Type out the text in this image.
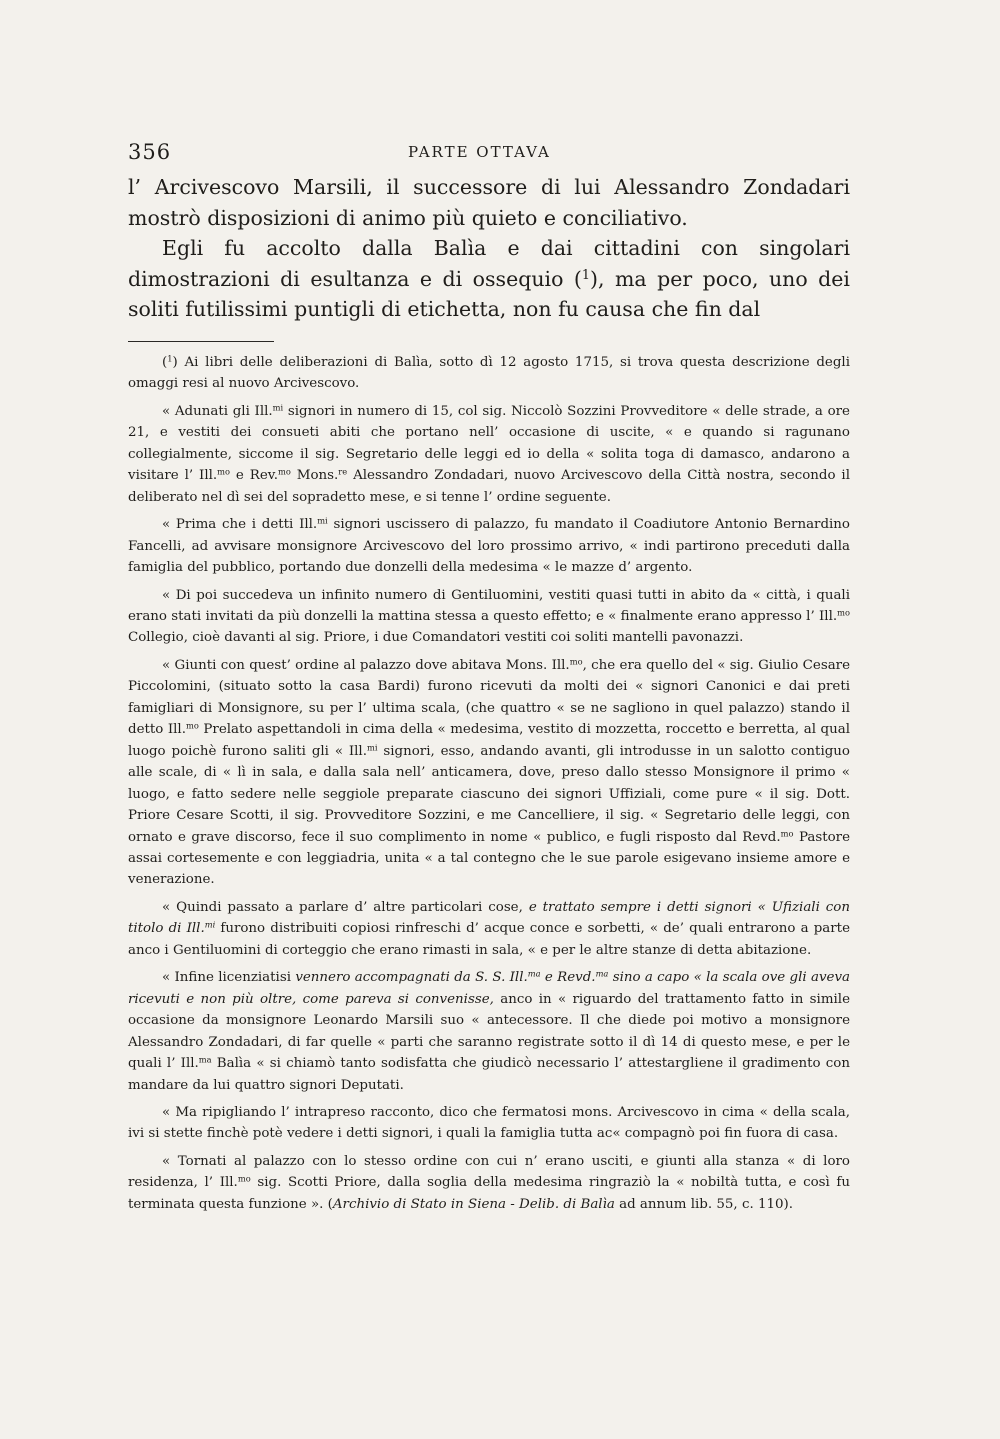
356	PARTE OTTAVA

l’ Arcivescovo Marsili, il successore di lui Alessandro Zondadari mostrò disposizioni di animo più quieto e conciliativo.

Egli fu accolto dalla Balìa e dai cittadini con singolari dimostrazioni di esultanza e di ossequio ($^1$), ma per poco, uno dei soliti futilissimi puntigli di etichetta, non fu causa che fin dal

($^1$) Ai libri delle deliberazioni di Balìa, sotto dì 12 agosto 1715, si trova questa descrizione degli omaggi resi al nuovo Arcivescovo.

« Adunati gli Ill.$^{mi}$ signori in numero di 15, col sig. Niccolò Sozzini Provveditore « delle strade, a ore 21, e vestiti dei consueti abiti che portano nell’ occasione di uscite, « e quando si ragunano collegialmente, siccome il sig. Segretario delle leggi ed io della « solita toga di damasco, andarono a visitare l’ Ill.$^{mo}$ e Rev.$^{mo}$ Mons.$^{re}$ Alessandro Zondadari, nuovo Arcivescovo della Città nostra, secondo il deliberato nel dì sei del sopradetto mese, e si tenne l’ ordine seguente.

« Prima che i detti Ill.$^{mi}$ signori uscissero di palazzo, fu mandato il Coadiutore Antonio Bernardino Fancelli, ad avvisare monsignore Arcivescovo del loro prossimo arrivo, « indi partirono preceduti dalla famiglia del pubblico, portando due donzelli della medesima « le mazze d’ argento.

« Di poi succedeva un infinito numero di Gentiluomini, vestiti quasi tutti in abito da « città, i quali erano stati invitati da più donzelli la mattina stessa a questo effetto; e « finalmente erano appresso l’ Ill.$^{mo}$ Collegio, cioè davanti al sig. Priore, i due Comandatori vestiti coi soliti mantelli pavonazzi.

« Giunti con quest’ ordine al palazzo dove abitava Mons. Ill.$^{mo}$, che era quello del « sig. Giulio Cesare Piccolomini, (situato sotto la casa Bardi) furono ricevuti da molti dei « signori Canonici e dai preti famigliari di Monsignore, su per l’ ultima scala, (che quattro « se ne sagliono in quel palazzo) stando il detto Ill.$^{mo}$ Prelato aspettandoli in cima della « medesima, vestito di mozzetta, roccetto e berretta, al qual luogo poichè furono saliti gli « Ill.$^{mi}$ signori, esso, andando avanti, gli introdusse in un salotto contiguo alle scale, di « lì in sala, e dalla sala nell’ anticamera, dove, preso dallo stesso Monsignore il primo « luogo, e fatto sedere nelle seggiole preparate ciascuno dei signori Uffiziali, come pure « il sig. Dott. Priore Cesare Scotti, il sig. Provveditore Sozzini, e me Cancelliere, il sig. « Segretario delle leggi, con ornato e grave discorso, fece il suo complimento in nome « publico, e fugli risposto dal Revd.$^{mo}$ Pastore assai cortesemente e con leggiadria, unita « a tal contegno che le sue parole esigevano insieme amore e venerazione.

« Quindi passato a parlare d’ altre particolari cose, e trattato sempre i detti signori « Ufiziali con titolo di Ill.$^{mi}$ furono distribuiti copiosi rinfreschi d’ acque conce e sorbetti, « de’ quali entrarono a parte anco i Gentiluomini di corteggio che erano rimasti in sala, « e per le altre stanze di detta abitazione.

« Infine licenziatisi vennero accompagnati da S. S. Ill.$^{ma}$ e Revd.$^{ma}$ sino a capo « la scala ove gli aveva ricevuti e non più oltre, come pareva si convenisse, anco in « riguardo del trattamento fatto in simile occasione da monsignore Leonardo Marsili suo « antecessore. Il che diede poi motivo a monsignore Alessandro Zondadari, di far quelle « parti che saranno registrate sotto il dì 14 di questo mese, e per le quali l’ Ill.$^{ma}$ Balìa « si chiamò tanto sodisfatta che giudicò necessario l’ attestargliene il gradimento con mandare da lui quattro signori Deputati.

« Ma ripigliando l’ intrapreso racconto, dico che fermatosi mons. Arcivescovo in cima « della scala, ivi si stette finchè potè vedere i detti signori, i quali la famiglia tutta ac« compagnò poi fin fuora di casa.

« Tornati al palazzo con lo stesso ordine con cui n’ erano usciti, e giunti alla stanza « di loro residenza, l’ Ill.$^{mo}$ sig. Scotti Priore, dalla soglia della medesima ringraziò la « nobiltà tutta, e così fu terminata questa funzione ». (Archivio di Stato in Siena - Delib. di Balìa ad annum lib. 55, c. 110).
